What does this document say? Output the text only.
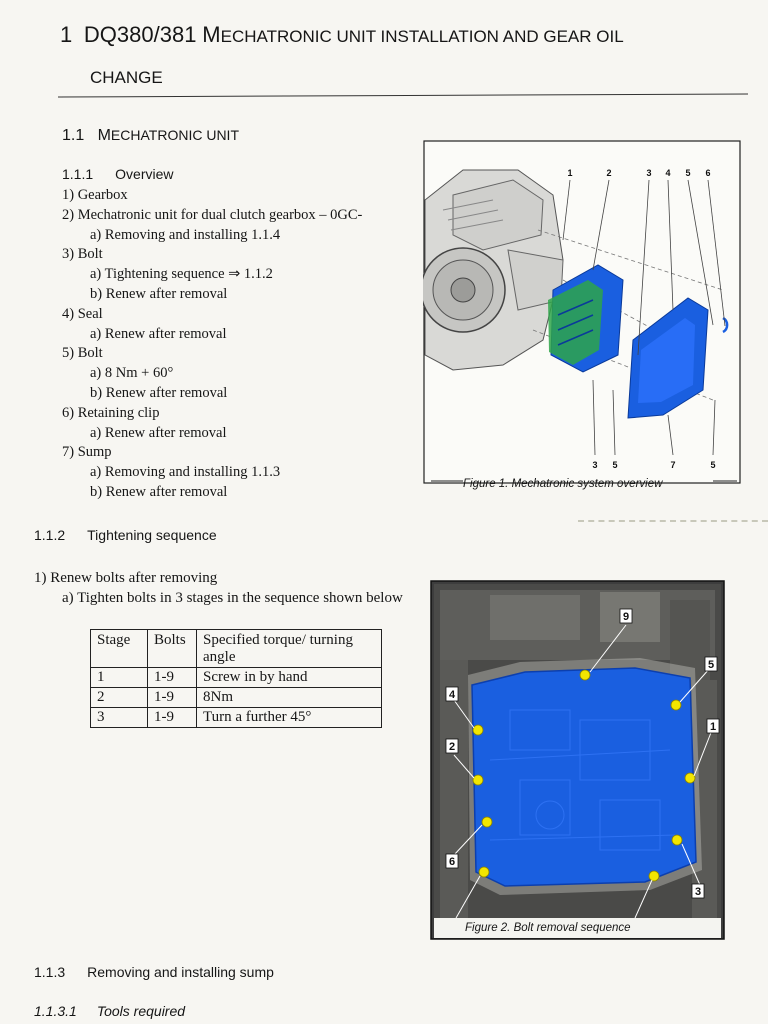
1 DQ380/381 MECHATRONIC UNIT INSTALLATION AND GEAR OIL
CHANGE
1.1 MECHATRONIC UNIT
1.1.1 Overview
1) Gearbox
2) Mechatronic unit for dual clutch gearbox – 0GC-
a) Removing and installing 1.1.4
3) Bolt
a) Tightening sequence ⇒ 1.1.2
b) Renew after removal
4) Seal
a) Renew after removal
5) Bolt
a) 8 Nm + 60°
b) Renew after removal
6) Retaining clip
a) Renew after removal
7) Sump
a) Removing and installing 1.1.3
b) Renew after removal
1	2	3 4 5 6
3 5	7	5
Figure 1. Mechatronic system overview
1.1.2 Tightening sequence
1) Renew bolts after removing
a) Tighten bolts in 3 stages in the sequence shown below
Stage	Bolts	Specified torque/ turning angle
1	1-9	Screw in by hand
2	1-9	8Nm
3	1-9	Turn a further 45°
1
2
3
4
5
6
9
Figure 2. Bolt removal sequence
1.1.3 Removing and installing sump
1.1.3.1 Tools required
